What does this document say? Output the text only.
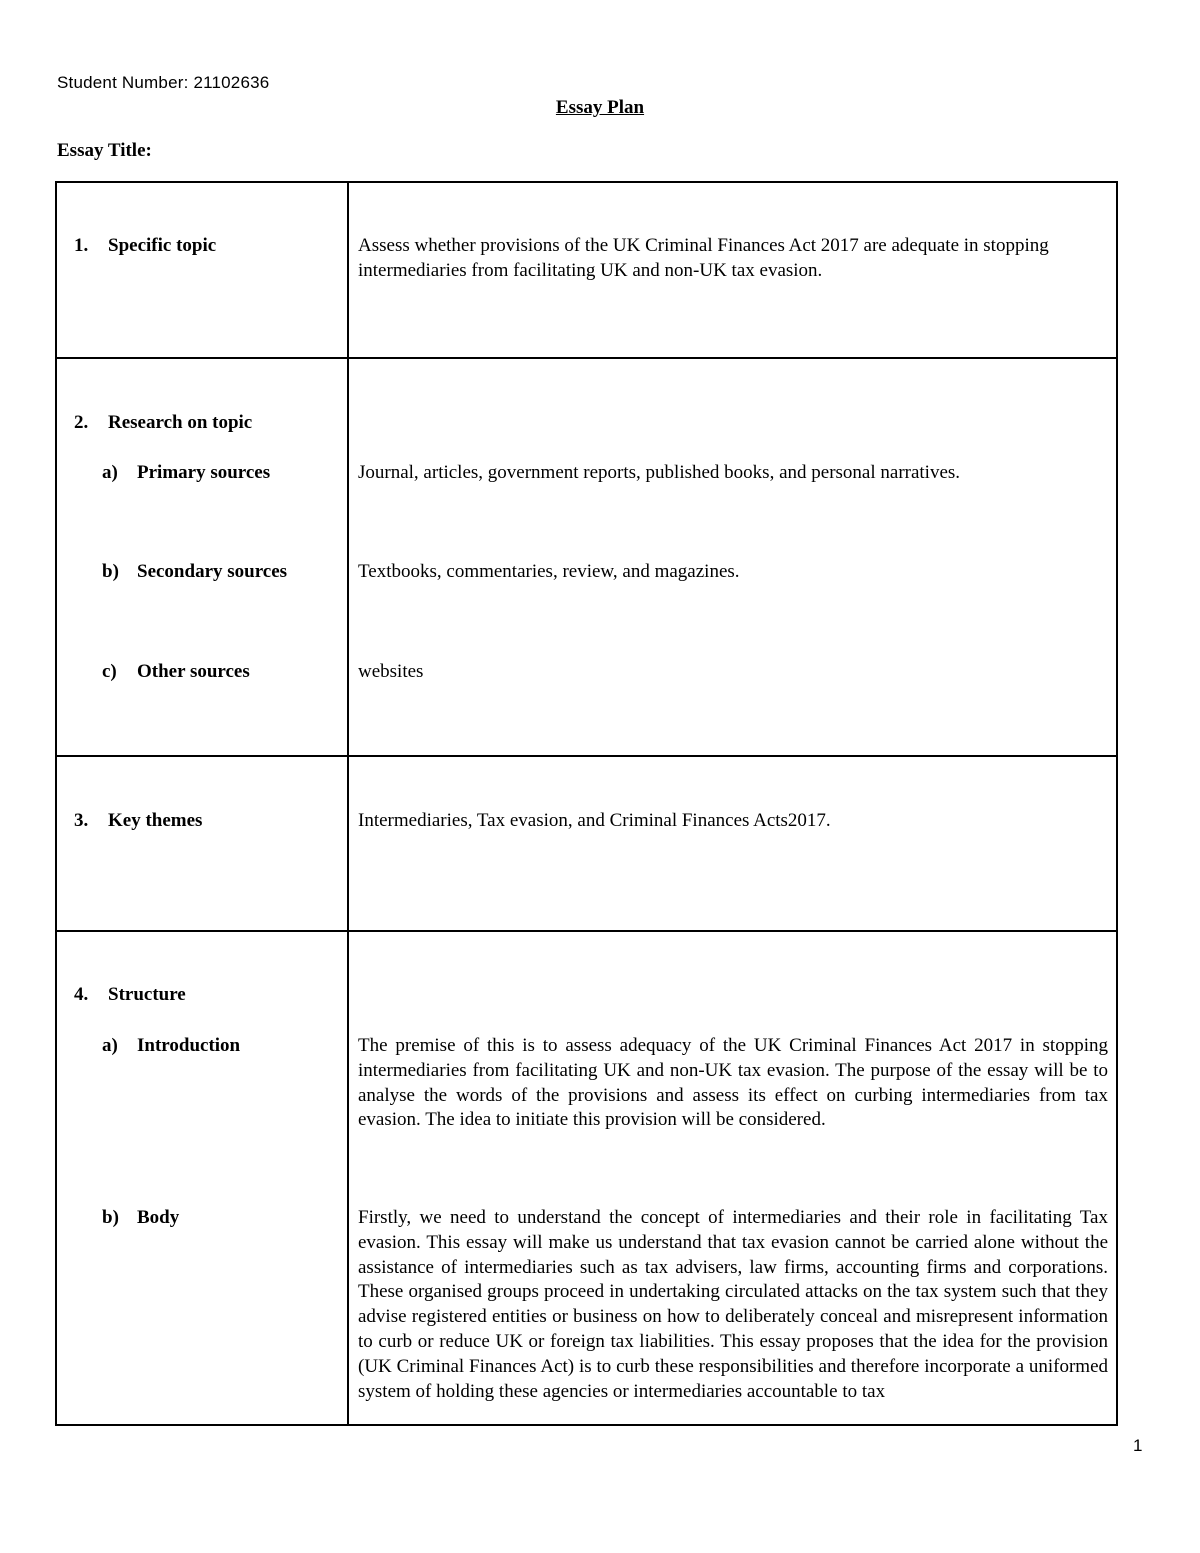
Student Number: 21102636
Essay Plan
Essay Title:
1. Specific topic	Assess whether provisions of the UK Criminal Finances Act 2017 are adequate in stopping intermediaries from facilitating UK and non-UK tax evasion.
2. Research on topic
a) Primary sources	Journal, articles, government reports, published books, and personal narratives.
b) Secondary sources	Textbooks, commentaries, review, and magazines.
c) Other sources	websites
3. Key themes	Intermediaries, Tax evasion, and Criminal Finances Acts2017.
4. Structure
a) Introduction	The premise of this is to assess adequacy of the UK Criminal Finances Act 2017 in stopping intermediaries from facilitating UK and non-UK tax evasion. The purpose of the essay will be to analyse the words of the provisions and assess its effect on curbing intermediaries from tax evasion. The idea to initiate this provision will be considered.
b) Body	Firstly, we need to understand the concept of intermediaries and their role in facilitating Tax evasion. This essay will make us understand that tax evasion cannot be carried alone without the assistance of intermediaries such as tax advisers, law firms, accounting firms and corporations. These organised groups proceed in undertaking circulated attacks on the tax system such that they advise registered entities or business on how to deliberately conceal and misrepresent information to curb or reduce UK or foreign tax liabilities. This essay proposes that the idea for the provision (UK Criminal Finances Act) is to curb these responsibilities and therefore incorporate a uniformed system of holding these agencies or intermediaries accountable to tax
1
